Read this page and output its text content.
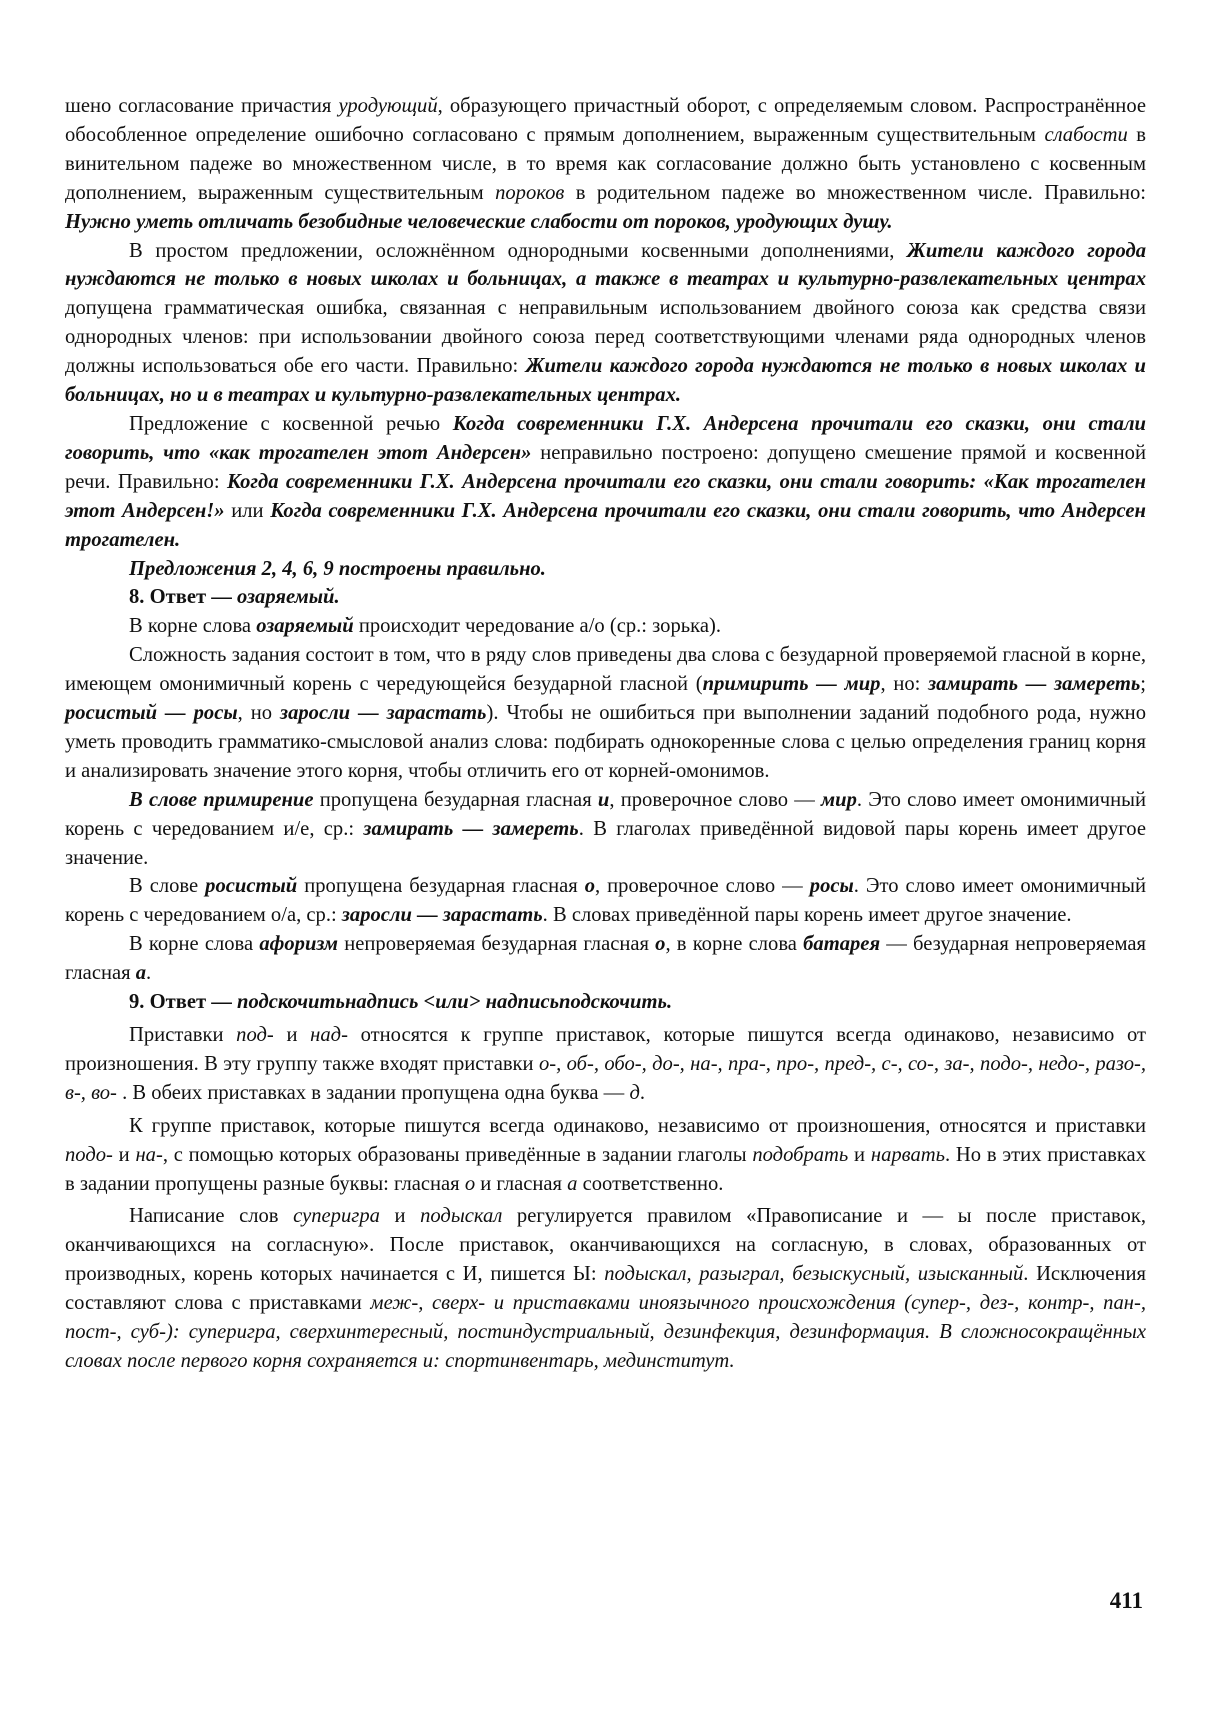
шено согласование причастия уродующий, образующего причастный оборот, с определяемым словом. Распространённое обособленное определение ошибочно согласовано с прямым дополнением, выраженным существительным слабости в винительном падеже во множественном числе, в то время как согласование должно быть установлено с косвенным дополнением, выраженным существительным пороков в родительном падеже во множественном числе. Правильно: Нужно уметь отличать безобидные человеческие слабости от пороков, уродующих душу.

В простом предложении, осложнённом однородными косвенными дополнениями, Жители каждого города нуждаются не только в новых школах и больницах, а также в театрах и культурно-развлекательных центрах допущена грамматическая ошибка, связанная с неправильным использованием двойного союза как средства связи однородных членов: при использовании двойного союза перед соответствующими членами ряда однородных членов должны использоваться обе его части. Правильно: Жители каждого города нуждаются не только в новых школах и больницах, но и в театрах и культурно-развлекательных центрах.

Предложение с косвенной речью Когда современники Г.Х. Андерсена прочитали его сказки, они стали говорить, что «как трогателен этот Андерсен» неправильно построено: допущено смешение прямой и косвенной речи. Правильно: Когда современники Г.Х. Андерсена прочитали его сказки, они стали говорить: «Как трогателен этот Андерсен!» или Когда современники Г.Х. Андерсена прочитали его сказки, они стали говорить, что Андерсен трогателен.

Предложения 2, 4, 6, 9 построены правильно.

8. Ответ — озаряемый.

В корне слова озаряемый происходит чередование а/о (ср.: зорька).

Сложность задания состоит в том, что в ряду слов приведены два слова с безударной проверяемой гласной в корне, имеющем омонимичный корень с чередующейся безударной гласной (примирить — мир, но: замирать — замереть; росистый — росы, но заросли — зарастать). Чтобы не ошибиться при выполнении заданий подобного рода, нужно уметь проводить грамматико-смысловой анализ слова: подбирать однокоренные слова с целью определения границ корня и анализировать значение этого корня, чтобы отличить его от корней-омонимов.

В слове примирение пропущена безударная гласная и, проверочное слово — мир. Это слово имеет омонимичный корень с чередованием и/е, ср.: замирать — замереть. В глаголах приведённой видовой пары корень имеет другое значение.

В слове росистый пропущена безударная гласная о, проверочное слово — росы. Это слово имеет омонимичный корень с чередованием о/а, ср.: заросли — зарастать. В словах приведённой пары корень имеет другое значение.

В корне слова афоризм непроверяемая безударная гласная о, в корне слова батарея — безударная непроверяемая гласная а.

9. Ответ — подскочитьнадпись <или> надписьподскочить.

Приставки под- и над- относятся к группе приставок, которые пишутся всегда одинаково, независимо от произношения. В эту группу также входят приставки о-, об-, обо-, до-, на-, пра-, про-, пред-, с-, со-, за-, подо-, недо-, разо-, в-, во- . В обеих приставках в задании пропущена одна буква — д.

К группе приставок, которые пишутся всегда одинаково, независимо от произношения, относятся и приставки подо- и на-, с помощью которых образованы приведённые в задании глаголы подобрать и нарвать. Но в этих приставках в задании пропущены разные буквы: гласная о и гласная а соответственно.

Написание слов суперигра и подыскал регулируется правилом «Правописание и — ы после приставок, оканчивающихся на согласную». После приставок, оканчивающихся на согласную, в словах, образованных от производных, корень которых начинается с И, пишется Ы: подыскал, разыграл, безыскусный, изысканный. Исключения составляют слова с приставками меж-, сверх- и приставками иноязычного происхождения (супер-, дез-, контр-, пан-, пост-, суб-): суперигра, сверхинтересный, постиндустриальный, дезинфекция, дезинформация. В сложносокращённых словах после первого корня сохраняется и: спортинвентарь, мединститут.

411
